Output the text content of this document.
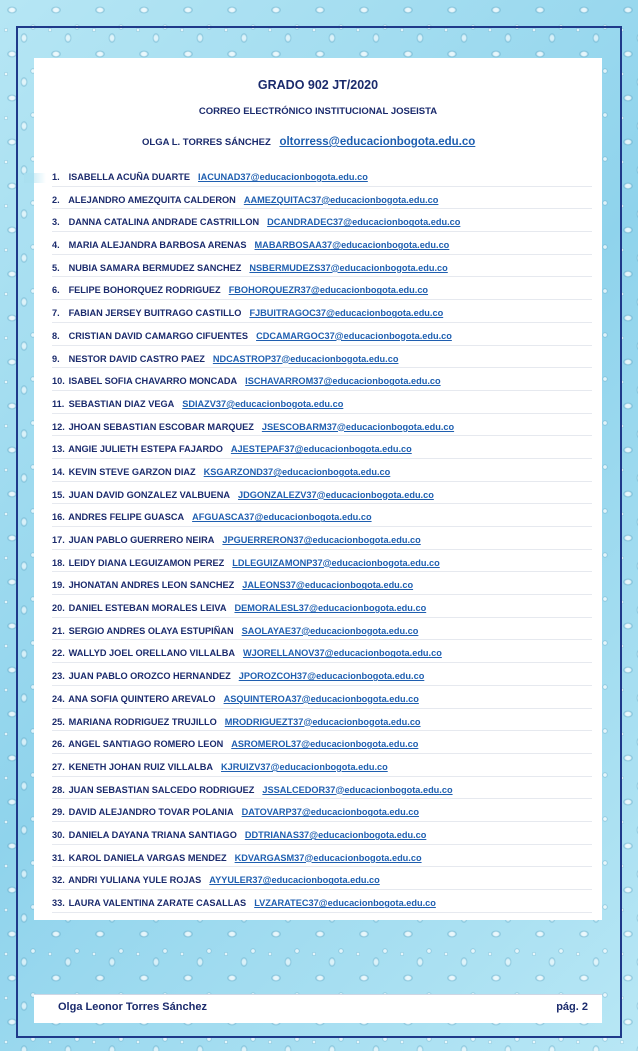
GRADO 902 JT/2020
CORREO ELECTRÓNICO INSTITUCIONAL JOSEISTA
OLGA L. TORRES SÁNCHEZ oltorress@educacionbogota.edu.co
1. ISABELLA ACUÑA DUARTE IACUNAD37@educacionbogota.edu.co
2. ALEJANDRO AMEZQUITA CALDERON AAMEZQUITAC37@educacionbogota.edu.co
3. DANNA CATALINA ANDRADE CASTRILLON DCANDRADEC37@educacionbogota.edu.co
4. MARIA ALEJANDRA BARBOSA ARENAS MABARBOSAA37@educacionbogota.edu.co
5. NUBIA SAMARA BERMUDEZ SANCHEZ NSBERMUDEZS37@educacionbogota.edu.co
6. FELIPE BOHORQUEZ RODRIGUEZ FBOHORQUEZR37@educacionbogota.edu.co
7. FABIAN JERSEY BUITRAGO CASTILLO FJBUITRAGOC37@educacionbogota.edu.co
8. CRISTIAN DAVID CAMARGO CIFUENTES CDCAMARGOC37@educacionbogota.edu.co
9. NESTOR DAVID CASTRO PAEZ NDCASTROP37@educacionbogota.edu.co
10. ISABEL SOFIA CHAVARRO MONCADA ISCHAVARROM37@educacionbogota.edu.co
11. SEBASTIAN DIAZ VEGA SDIAZV37@educacionbogota.edu.co
12. JHOAN SEBASTIAN ESCOBAR MARQUEZ JSESCOBARM37@educacionbogota.edu.co
13. ANGIE JULIETH ESTEPA FAJARDO AJESTEPAF37@educacionbogota.edu.co
14. KEVIN STEVE GARZON DIAZ KSGARZOND37@educacionbogota.edu.co
15. JUAN DAVID GONZALEZ VALBUENA JDGONZALEZV37@educacionbogota.edu.co
16. ANDRES FELIPE GUASCA AFGUASCA37@educacionbogota.edu.co
17. JUAN PABLO GUERRERO NEIRA JPGUERRERON37@educacionbogota.edu.co
18. LEIDY DIANA LEGUIZAMON PEREZ LDLEGUIZAMONP37@educacionbogota.edu.co
19. JHONATAN ANDRES LEON SANCHEZ JALEONS37@educacionbogota.edu.co
20. DANIEL ESTEBAN MORALES LEIVA DEMORALESL37@educacionbogota.edu.co
21. SERGIO ANDRES OLAYA ESTUPIÑAN SAOLAYAE37@educacionbogota.edu.co
22. WALLYD JOEL ORELLANO VILLALBA WJORELLANOV37@educacionbogota.edu.co
23. JUAN PABLO OROZCO HERNANDEZ JPOROZCOH37@educacionbogota.edu.co
24. ANA SOFIA QUINTERO AREVALO ASQUINTEROA37@educacionbogota.edu.co
25. MARIANA RODRIGUEZ TRUJILLO MRODRIGUEZT37@educacionbogota.edu.co
26. ANGEL SANTIAGO ROMERO LEON ASROMEROL37@educacionbogota.edu.co
27. KENETH JOHAN RUIZ VILLALBA KJRUIZV37@educacionbogota.edu.co
28. JUAN SEBASTIAN SALCEDO RODRIGUEZ JSSALCEDOR37@educacionbogota.edu.co
29. DAVID ALEJANDRO TOVAR POLANIA DATOVARP37@educacionbogota.edu.co
30. DANIELA DAYANA TRIANA SANTIAGO DDTRIANAS37@educacionbogota.edu.co
31. KAROL DANIELA VARGAS MENDEZ KDVARGASM37@educacionbogota.edu.co
32. ANDRI YULIANA YULE ROJAS AYYULER37@educacionbogota.edu.co
33. LAURA VALENTINA ZARATE CASALLAS LVZARATEC37@educacionbogota.edu.co
Olga Leonor Torres Sánchez	pág. 2
